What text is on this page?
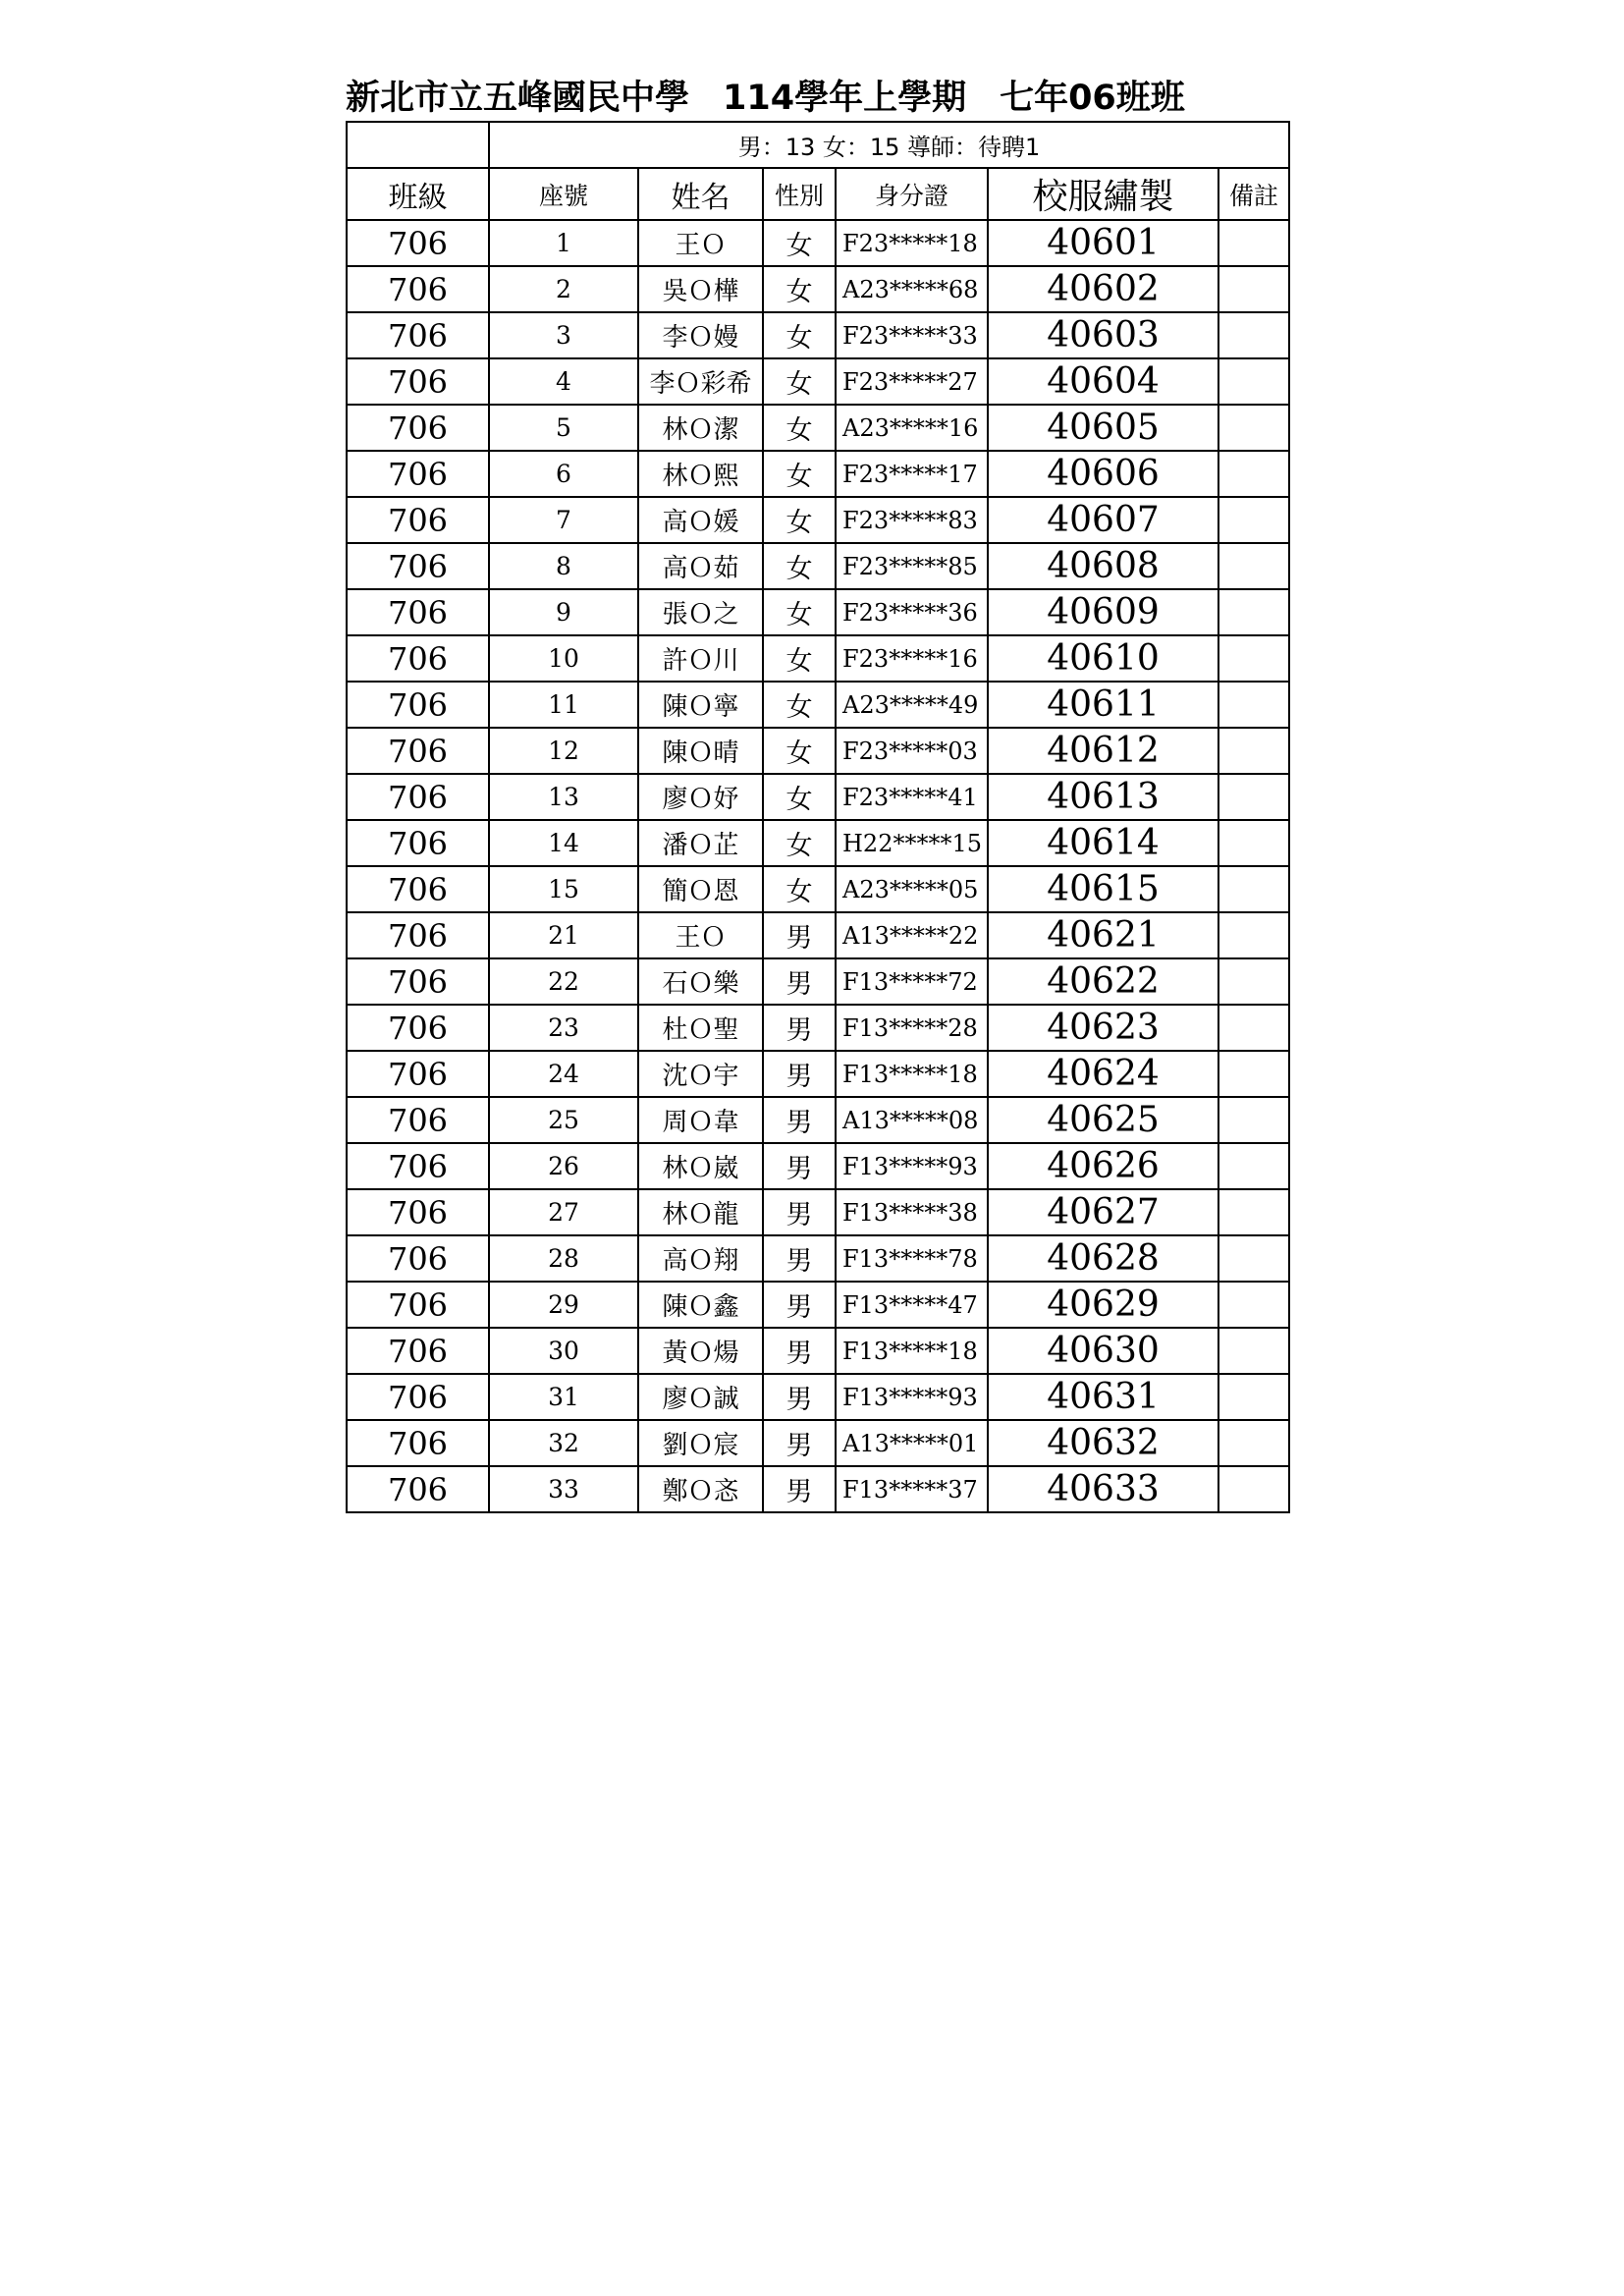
新北市立五峰國民中學 114學年上學期 七年06班班
	男：13 女：15 導師：待聘1					
班級	座號	姓名	性別	身分證	校服繡製	備註
706	1	王Ｏ	女	F23*****18	40601	
706	2	吳Ｏ樺	女	A23*****68	40602	
706	3	李Ｏ嫚	女	F23*****33	40603	
706	4	李Ｏ彩希	女	F23*****27	40604	
706	5	林Ｏ潔	女	A23*****16	40605	
706	6	林Ｏ熙	女	F23*****17	40606	
706	7	高Ｏ媛	女	F23*****83	40607	
706	8	高Ｏ茹	女	F23*****85	40608	
706	9	張Ｏ之	女	F23*****36	40609	
706	10	許Ｏ川	女	F23*****16	40610	
706	11	陳Ｏ寧	女	A23*****49	40611	
706	12	陳Ｏ晴	女	F23*****03	40612	
706	13	廖Ｏ妤	女	F23*****41	40613	
706	14	潘Ｏ芷	女	H22*****15	40614	
706	15	簡Ｏ恩	女	A23*****05	40615	
706	21	王Ｏ	男	A13*****22	40621	
706	22	石Ｏ樂	男	F13*****72	40622	
706	23	杜Ｏ聖	男	F13*****28	40623	
706	24	沈Ｏ宇	男	F13*****18	40624	
706	25	周Ｏ韋	男	A13*****08	40625	
706	26	林Ｏ崴	男	F13*****93	40626	
706	27	林Ｏ龍	男	F13*****38	40627	
706	28	高Ｏ翔	男	F13*****78	40628	
706	29	陳Ｏ鑫	男	F13*****47	40629	
706	30	黃Ｏ煬	男	F13*****18	40630	
706	31	廖Ｏ誠	男	F13*****93	40631	
706	32	劉Ｏ宸	男	A13*****01	40632	
706	33	鄭Ｏ忞	男	F13*****37	40633	
